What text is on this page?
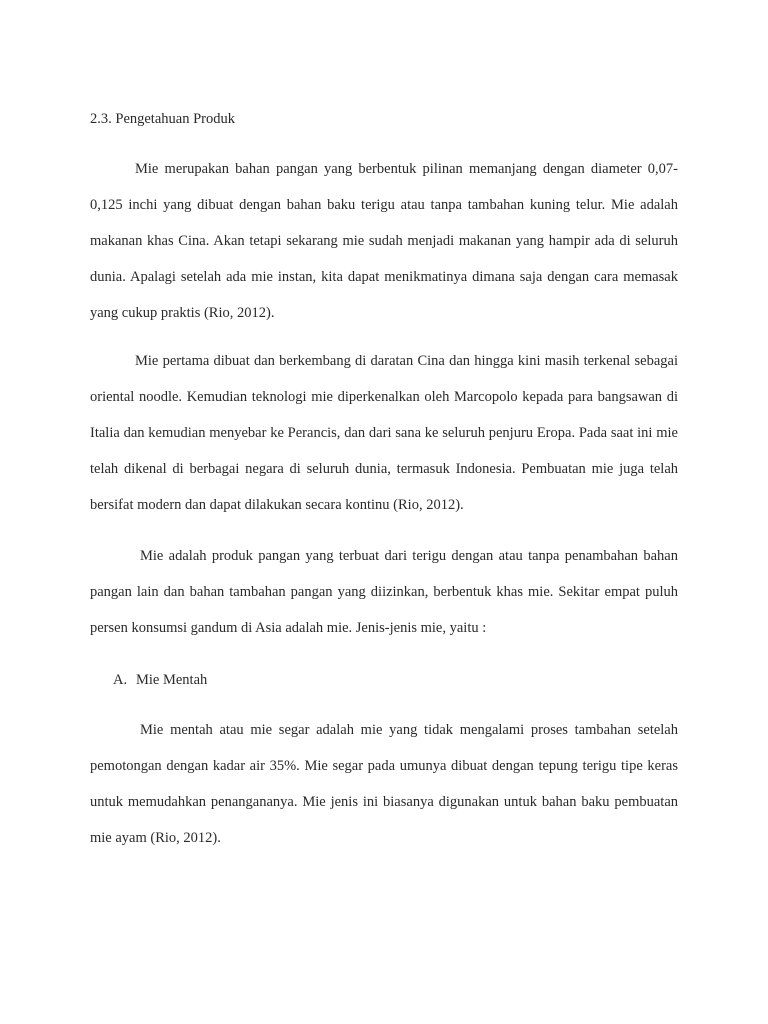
2.3. Pengetahuan Produk

Mie merupakan bahan pangan yang berbentuk pilinan memanjang dengan diameter 0,07-0,125 inchi yang dibuat dengan bahan baku terigu atau tanpa tambahan kuning telur. Mie adalah makanan khas Cina. Akan tetapi sekarang mie sudah menjadi makanan yang hampir ada di seluruh dunia. Apalagi setelah ada mie instan, kita dapat menikmatinya dimana saja dengan cara memasak yang cukup praktis (Rio, 2012).

Mie pertama dibuat dan berkembang di daratan Cina dan hingga kini masih terkenal sebagai oriental noodle. Kemudian teknologi mie diperkenalkan oleh Marcopolo kepada para bangsawan di Italia dan kemudian menyebar ke Perancis, dan dari sana ke seluruh penjuru Eropa. Pada saat ini mie telah dikenal di berbagai negara di seluruh dunia, termasuk Indonesia. Pembuatan mie juga telah bersifat modern dan dapat dilakukan secara kontinu (Rio, 2012).

Mie adalah produk pangan yang terbuat dari terigu dengan atau tanpa penambahan bahan pangan lain dan bahan tambahan pangan yang diizinkan, berbentuk khas mie. Sekitar empat puluh persen konsumsi gandum di Asia adalah mie. Jenis-jenis mie, yaitu :

A. Mie Mentah

Mie mentah atau mie segar adalah mie yang tidak mengalami proses tambahan setelah pemotongan dengan kadar air 35%. Mie segar pada umunya dibuat dengan tepung terigu tipe keras untuk memudahkan penangananya. Mie jenis ini biasanya digunakan untuk bahan baku pembuatan mie ayam (Rio, 2012).
